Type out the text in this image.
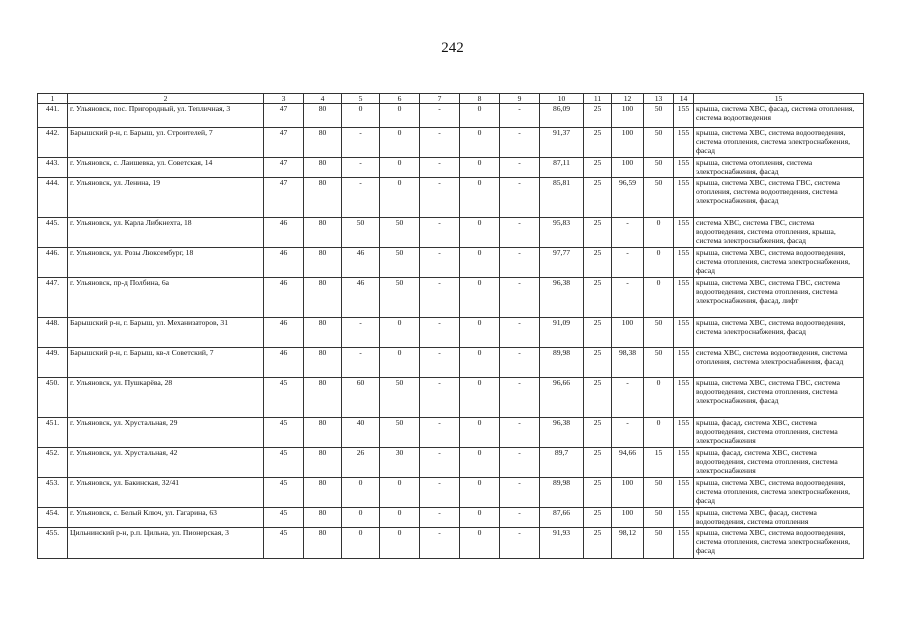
242
1	2	3	4	5	6	7	8	9	10	11	12	13	14	15
441.	г. Ульяновск, пос. Пригородный, ул. Тепличная, 3	47	80	0	0	-	0	-	86,09	25	100	50	155	крыша, система ХВС, фасад, система отопления, система водоотведения
442.	Барышский р-н, г. Барыш, ул. Строителей, 7	47	80	-	0	-	0	-	91,37	25	100	50	155	крыша, система ХВС, система водоотведения, система отопления, система электроснабжения, фасад
443.	г. Ульяновск, с. Лаишевка, ул. Советская, 14	47	80	-	0	-	0	-	87,11	25	100	50	155	крыша, система отопления, система электроснабжения, фасад
444.	г. Ульяновск, ул. Ленина, 19	47	80	-	0	-	0	-	85,81	25	96,59	50	155	крыша, система ХВС, система ГВС, система отопления, система водоотведения, система электроснабжения, фасад
445.	г. Ульяновск, ул. Карла Либкнехта, 18	46	80	50	50	-	0	-	95,83	25	-	0	155	система ХВС, система ГВС, система водоотведения, система отопления, крыша, система электроснабжения, фасад
446.	г. Ульяновск, ул. Розы Люксембург, 18	46	80	46	50	-	0	-	97,77	25	-	0	155	крыша, система ХВС, система водоотведения, система отопления, система электроснабжения, фасад
447.	г. Ульяновск, пр-д Полбина, 6а	46	80	46	50	-	0	-	96,38	25	-	0	155	крыша, система ХВС, система ГВС, система водоотведения, система отопления, система электроснабжения, фасад, лифт
448.	Барышский р-н, г. Барыш, ул. Механизаторов, 31	46	80	-	0	-	0	-	91,09	25	100	50	155	крыша, система ХВС, система водоотведения, система электроснабжения, фасад
449.	Барышский р-н, г. Барыш, кв-л Советский, 7	46	80	-	0	-	0	-	89,98	25	98,38	50	155	система ХВС, система водоотведения, система отопления, система электроснабжения, фасад
450.	г. Ульяновск, ул. Пушкарёва, 28	45	80	60	50	-	0	-	96,66	25	-	0	155	крыша, система ХВС, система ГВС, система водоотведения, система отопления, система электроснабжения, фасад
451.	г. Ульяновск, ул. Хрустальная, 29	45	80	40	50	-	0	-	96,38	25	-	0	155	крыша, фасад, система ХВС, система водоотведения, система отопления, система электроснабжения
452.	г. Ульяновск, ул. Хрустальная, 42	45	80	26	30	-	0	-	89,7	25	94,66	15	155	крыша, фасад, система ХВС, система водоотведения, система отопления, система электроснабжения
453.	г. Ульяновск, ул. Бакинская, 32/41	45	80	0	0	-	0	-	89,98	25	100	50	155	крыша, система ХВС, система водоотведения, система отопления, система электроснабжения, фасад
454.	г. Ульяновск, с. Белый Ключ, ул. Гагарина, 63	45	80	0	0	-	0	-	87,66	25	100	50	155	крыша, система ХВС, фасад, система водоотведения, система отопления
455.	Цильнинский р-н, р.п. Цильна, ул. Пионерская, 3	45	80	0	0	-	0	-	91,93	25	98,12	50	155	крыша, система ХВС, система водоотведения, система отопления, система электроснабжения, фасад
